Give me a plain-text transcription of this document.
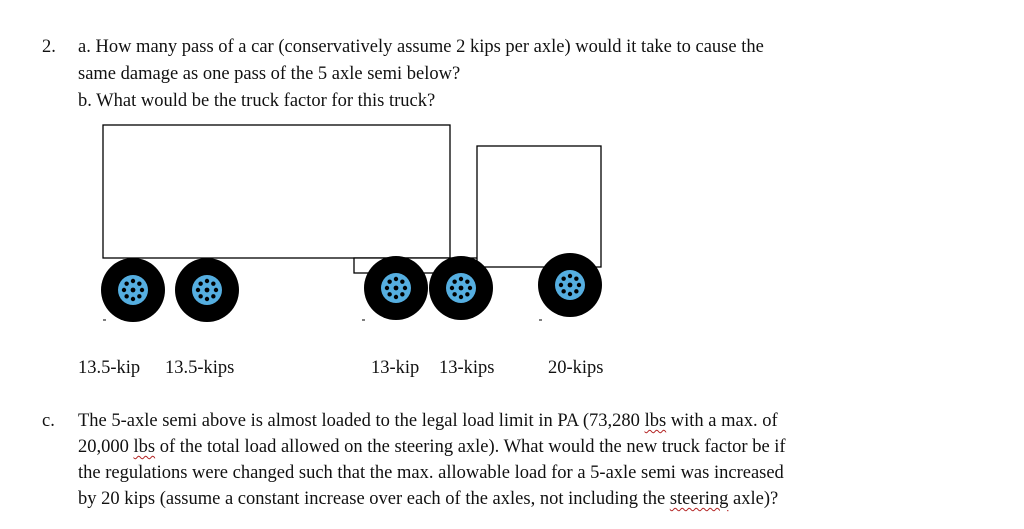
2. a. How many pass of a car (conservatively assume 2 kips per axle) would it take to cause the
same damage as one pass of the 5 axle semi below?
b. What would be the truck factor for this truck?
13.5-kip 13.5-kips	13-kip 13-kips	20-kips
c. The 5-axle semi above is almost loaded to the legal load limit in PA (73,280 lbs with a max. of
20,000 lbs of the total load allowed on the steering axle). What would the new truck factor be if
the regulations were changed such that the max. allowable load for a 5-axle semi was increased
by 20 kips (assume a constant increase over each of the axles, not including the steering axle)?
